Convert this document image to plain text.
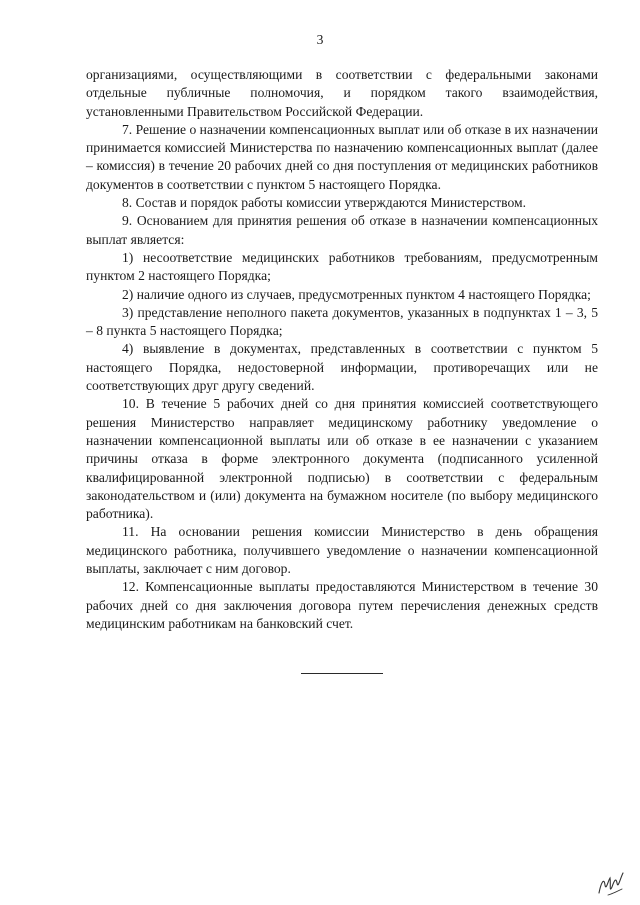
3

организациями, осуществляющими в соответствии с федеральными законами отдельные публичные полномочия, и порядком такого взаимодействия, установленными Правительством Российской Федерации.

7. Решение о назначении компенсационных выплат или об отказе в их назначении принимается комиссией Министерства по назначению компенсационных выплат (далее – комиссия) в течение 20 рабочих дней со дня поступления от медицинских работников документов в соответствии с пунктом 5 настоящего Порядка.

8. Состав и порядок работы комиссии утверждаются Министерством.

9. Основанием для принятия решения об отказе в назначении компенсационных выплат является:

1) несоответствие медицинских работников требованиям, предусмотренным пунктом 2 настоящего Порядка;

2) наличие одного из случаев, предусмотренных пунктом 4 настоящего Порядка;

3) представление неполного пакета документов, указанных в подпунктах 1 – 3, 5 – 8 пункта 5 настоящего Порядка;

4) выявление в документах, представленных в соответствии с пунктом 5 настоящего Порядка, недостоверной информации, противоречащих или не соответствующих друг другу сведений.

10. В течение 5 рабочих дней со дня принятия комиссией соответствующего решения Министерство направляет медицинскому работнику уведомление о назначении компенсационной выплаты или об отказе в ее назначении с указанием причины отказа в форме электронного документа (подписанного усиленной квалифицированной электронной подписью) в соответствии с федеральным законодательством и (или) документа на бумажном носителе (по выбору медицинского работника).

11. На основании решения комиссии Министерство в день обращения медицинского работника, получившего уведомление о назначении компенсационной выплаты, заключает с ним договор.

12. Компенсационные выплаты предоставляются Министерством в течение 30 рабочих дней со дня заключения договора путем перечисления денежных средств медицинским работникам на банковский счет.
